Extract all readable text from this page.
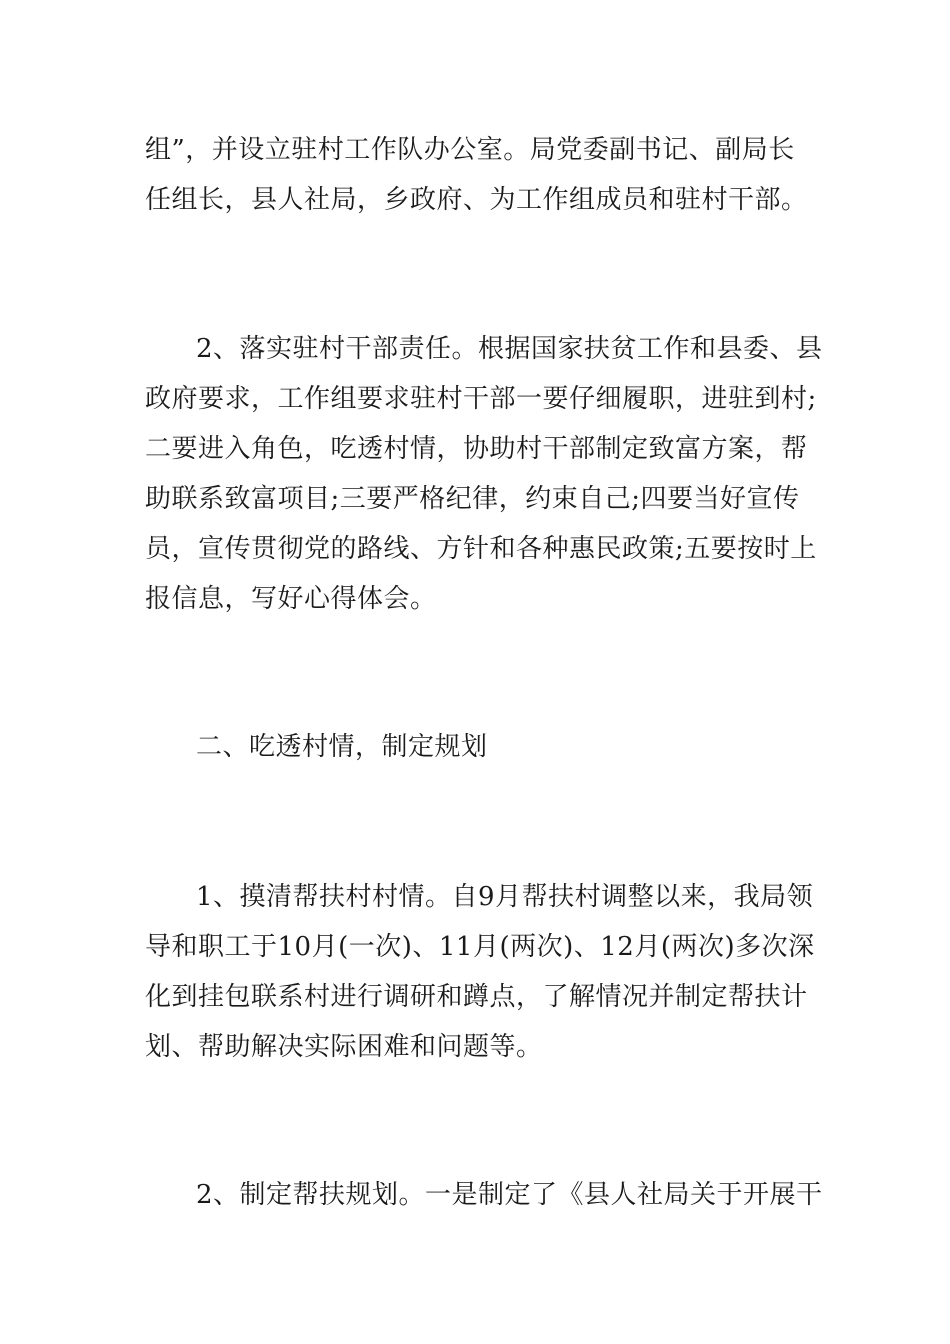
组”，并设立驻村工作队办公室。局党委副书记、副局长
任组长，县人社局，乡政府、为工作组成员和驻村干部。
2、落实驻村干部责任。根据国家扶贫工作和县委、县
政府要求，工作组要求驻村干部一要仔细履职，进驻到村;
二要进入角色，吃透村情，协助村干部制定致富方案，帮
助联系致富项目;三要严格纪律，约束自己;四要当好宣传
员，宣传贯彻党的路线、方针和各种惠民政策;五要按时上
报信息，写好心得体会。
二、吃透村情，制定规划
1、摸清帮扶村村情。自9月帮扶村调整以来，我局领
导和职工于10月(一次)、11月(两次)、12月(两次)多次深
化到挂包联系村进行调研和蹲点，了解情况并制定帮扶计
划、帮助解决实际困难和问题等。
2、制定帮扶规划。一是制定了《县人社局关于开展干
